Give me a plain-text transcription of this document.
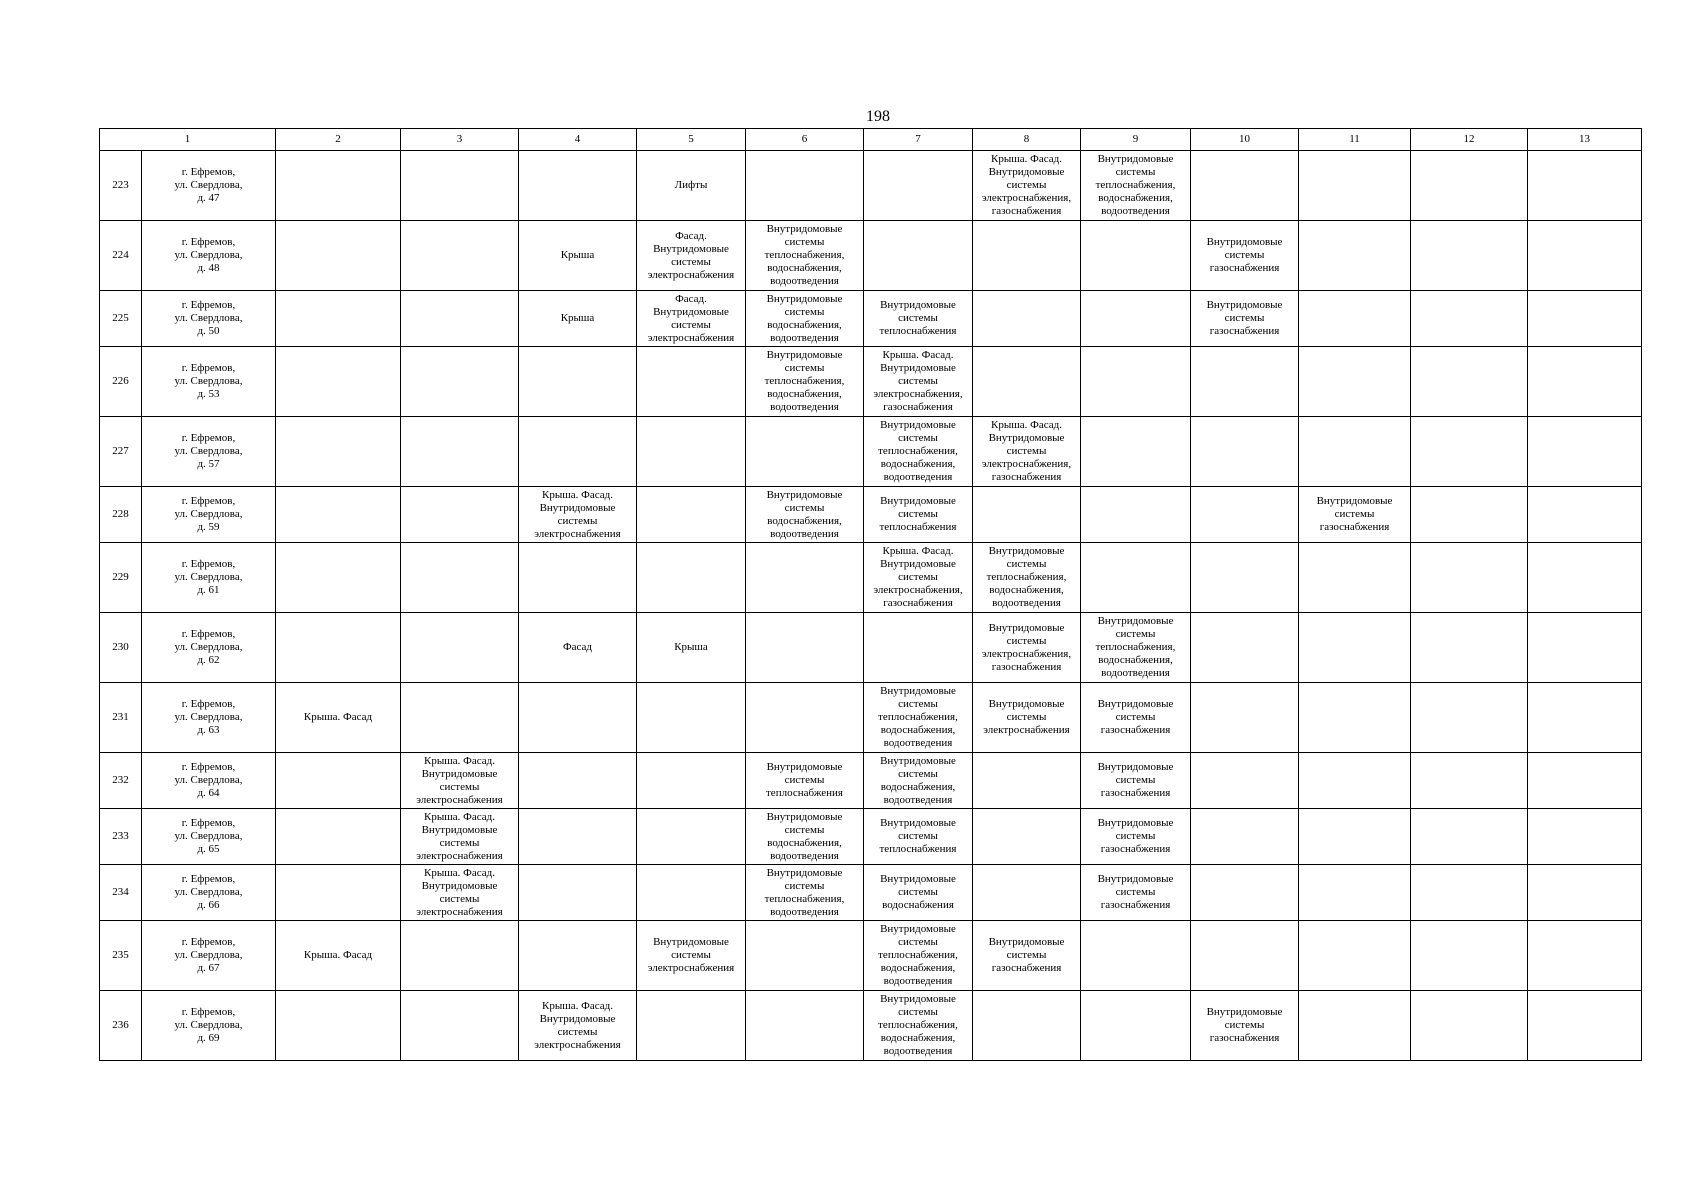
198
1		2	3	4	5	6	7	8	9	10	11	12	13
223	г. Ефремов,
ул. Свердлова,
д. 47				Лифты			Крыша. Фасад.
Внутридомовые
системы
электроснабжения,
газоснабжения	Внутридомовые
системы
теплоснабжения,
водоснабжения,
водоотведения				
224	г. Ефремов,
ул. Свердлова,
д. 48			Крыша	Фасад.
Внутридомовые
системы
электроснабжения	Внутридомовые
системы
теплоснабжения,
водоснабжения,
водоотведения				Внутридомовые
системы
газоснабжения			
225	г. Ефремов,
ул. Свердлова,
д. 50			Крыша	Фасад.
Внутридомовые
системы
электроснабжения	Внутридомовые
системы
водоснабжения,
водоотведения	Внутридомовые
системы
теплоснабжения			Внутридомовые
системы
газоснабжения			
226	г. Ефремов,
ул. Свердлова,
д. 53					Внутридомовые
системы
теплоснабжения,
водоснабжения,
водоотведения	Крыша. Фасад.
Внутридомовые
системы
электроснабжения,
газоснабжения						
227	г. Ефремов,
ул. Свердлова,
д. 57						Внутридомовые
системы
теплоснабжения,
водоснабжения,
водоотведения	Крыша. Фасад.
Внутридомовые
системы
электроснабжения,
газоснабжения					
228	г. Ефремов,
ул. Свердлова,
д. 59			Крыша. Фасад.
Внутридомовые
системы
электроснабжения		Внутридомовые
системы
водоснабжения,
водоотведения	Внутридомовые
системы
теплоснабжения				Внутридомовые
системы
газоснабжения		
229	г. Ефремов,
ул. Свердлова,
д. 61						Крыша. Фасад.
Внутридомовые
системы
электроснабжения,
газоснабжения	Внутридомовые
системы
теплоснабжения,
водоснабжения,
водоотведения					
230	г. Ефремов,
ул. Свердлова,
д. 62			Фасад	Крыша			Внутридомовые
системы
электроснабжения,
газоснабжения	Внутридомовые
системы
теплоснабжения,
водоснабжения,
водоотведения				
231	г. Ефремов,
ул. Свердлова,
д. 63	Крыша. Фасад					Внутридомовые
системы
теплоснабжения,
водоснабжения,
водоотведения	Внутридомовые
системы
электроснабжения	Внутридомовые
системы
газоснабжения				
232	г. Ефремов,
ул. Свердлова,
д. 64		Крыша. Фасад.
Внутридомовые
системы
электроснабжения			Внутридомовые
системы
теплоснабжения	Внутридомовые
системы
водоснабжения,
водоотведения		Внутридомовые
системы
газоснабжения				
233	г. Ефремов,
ул. Свердлова,
д. 65		Крыша. Фасад.
Внутридомовые
системы
электроснабжения			Внутридомовые
системы
водоснабжения,
водоотведения	Внутридомовые
системы
теплоснабжения		Внутридомовые
системы
газоснабжения				
234	г. Ефремов,
ул. Свердлова,
д. 66		Крыша. Фасад.
Внутридомовые
системы
электроснабжения			Внутридомовые
системы
теплоснабжения,
водоотведения	Внутридомовые
системы
водоснабжения		Внутридомовые
системы
газоснабжения				
235	г. Ефремов,
ул. Свердлова,
д. 67	Крыша. Фасад			Внутридомовые
системы
электроснабжения		Внутридомовые
системы
теплоснабжения,
водоснабжения,
водоотведения	Внутридомовые
системы
газоснабжения					
236	г. Ефремов,
ул. Свердлова,
д. 69			Крыша. Фасад.
Внутридомовые
системы
электроснабжения			Внутридомовые
системы
теплоснабжения,
водоснабжения,
водоотведения			Внутридомовые
системы
газоснабжения			
